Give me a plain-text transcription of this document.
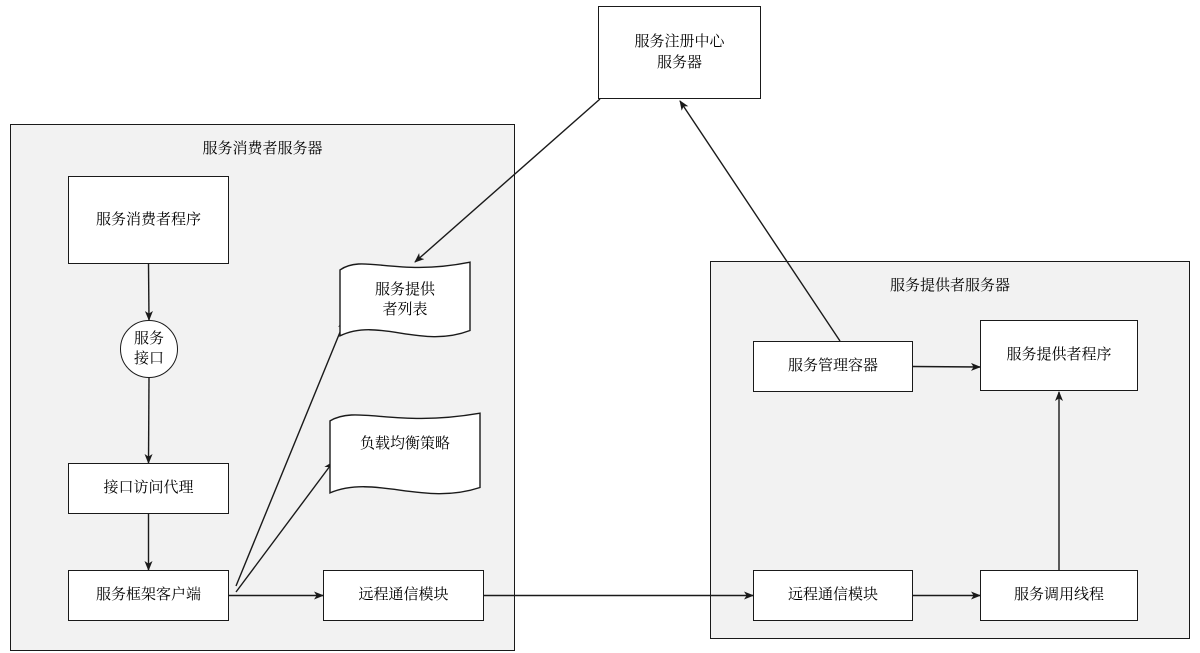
服务消费者服务器
服务提供者服务器
服务注册中心
服务器
服务消费者程序
服务
接口
接口访问代理
服务框架客户端
服务提供
者列表
负载均衡策略
远程通信模块
服务管理容器
服务提供者程序
远程通信模块	服务调用线程
